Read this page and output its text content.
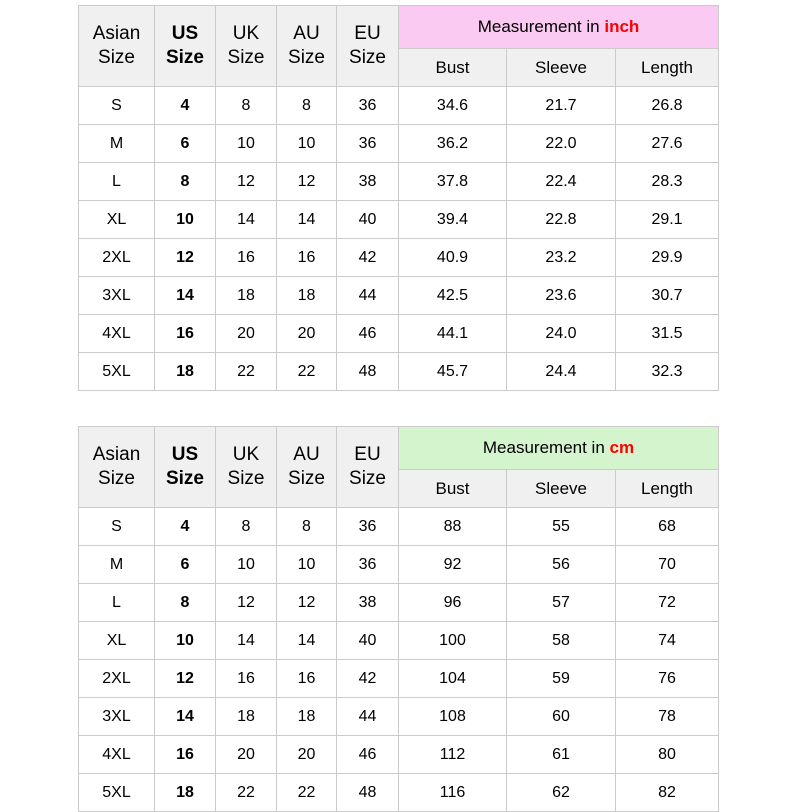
Asian Size	US Size	UK Size	AU Size	EU Size	Measurement in inch		
					Bust	Sleeve	Length
S	4	8	8	36	34.6	21.7	26.8
M	6	10	10	36	36.2	22.0	27.6
L	8	12	12	38	37.8	22.4	28.3
XL	10	14	14	40	39.4	22.8	29.1
2XL	12	16	16	42	40.9	23.2	29.9
3XL	14	18	18	44	42.5	23.6	30.7
4XL	16	20	20	46	44.1	24.0	31.5
5XL	18	22	22	48	45.7	24.4	32.3
Asian Size	US Size	UK Size	AU Size	EU Size	Measurement in cm		
					Bust	Sleeve	Length
S	4	8	8	36	88	55	68
M	6	10	10	36	92	56	70
L	8	12	12	38	96	57	72
XL	10	14	14	40	100	58	74
2XL	12	16	16	42	104	59	76
3XL	14	18	18	44	108	60	78
4XL	16	20	20	46	112	61	80
5XL	18	22	22	48	116	62	82
